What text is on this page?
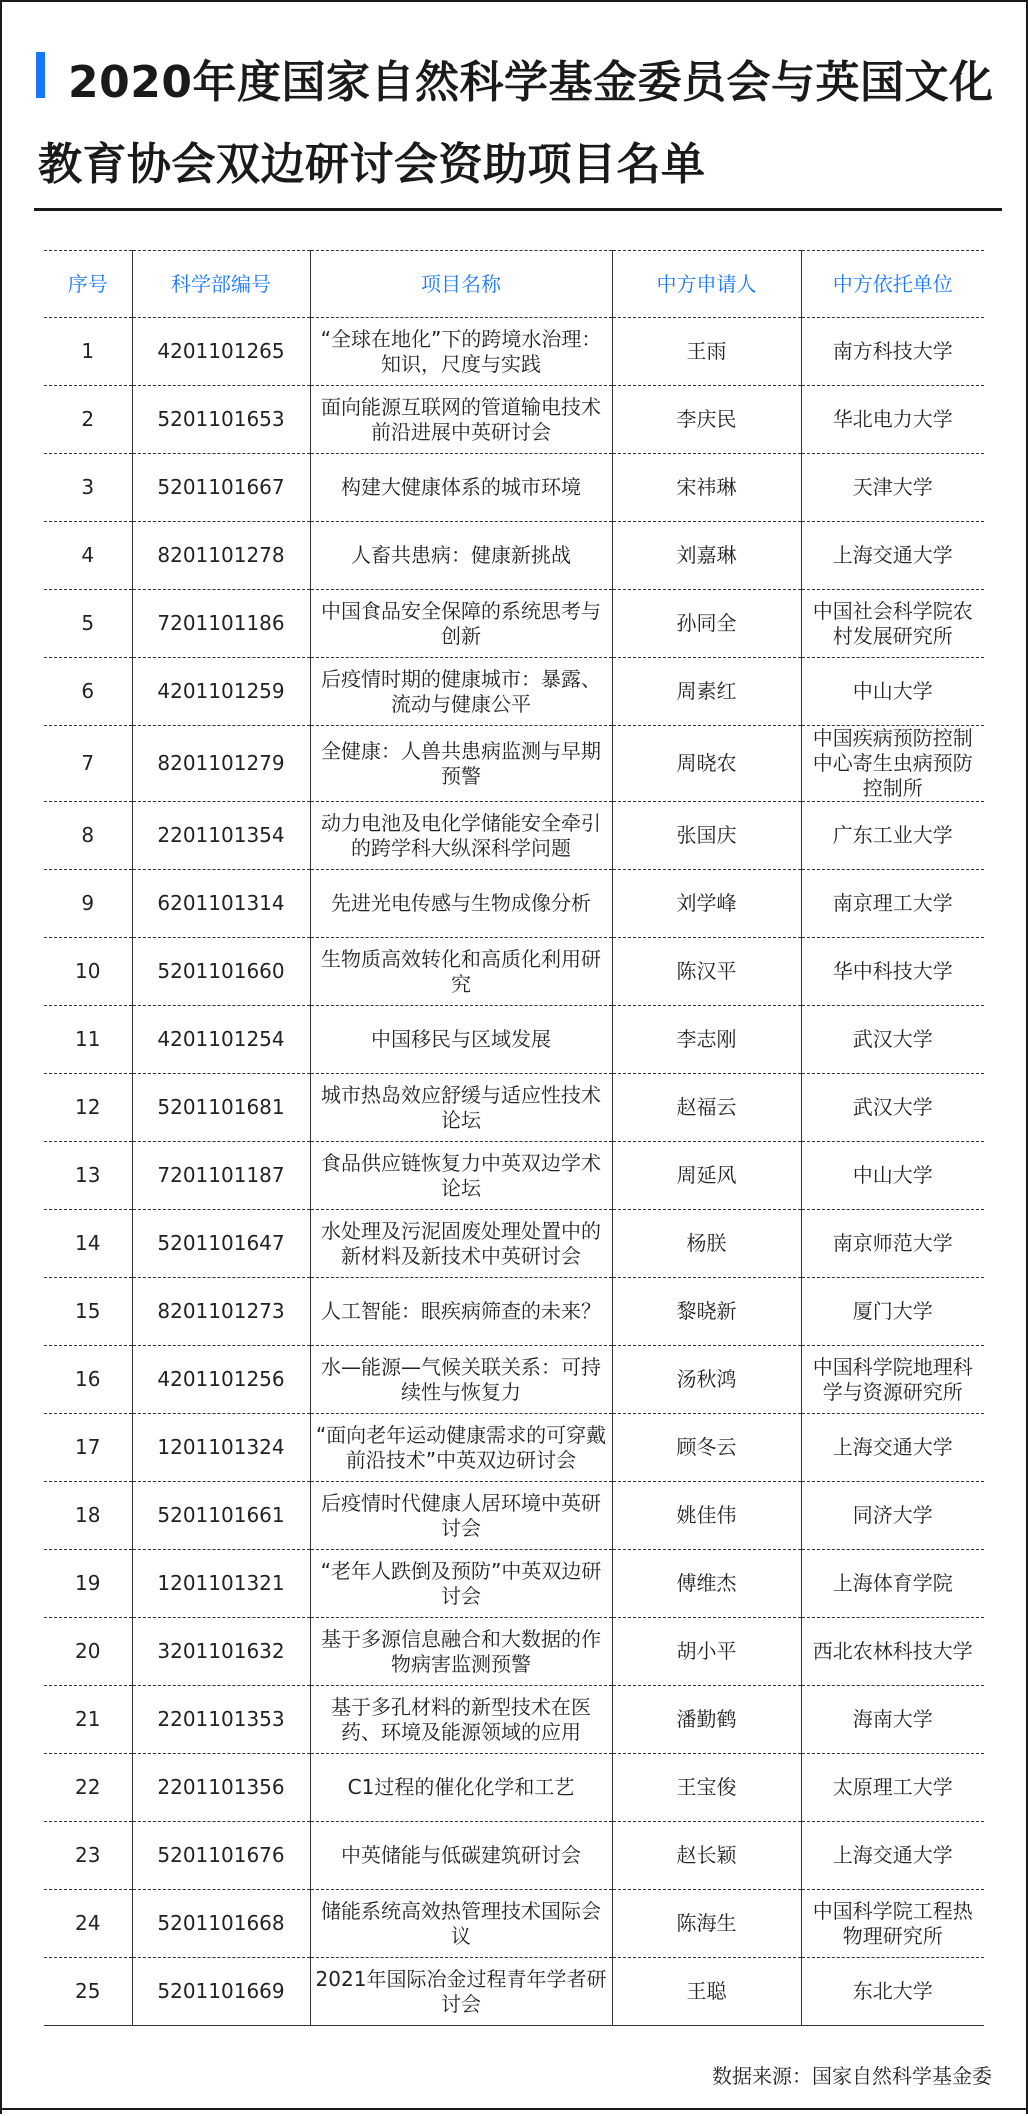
2020年度国家自然科学基金委员会与英国文化
教育协会双边研讨会资助项目名单
序号	科学部编号	项目名称	中方申请人	中方依托单位
1	4201101265	“全球在地化”下的跨境水治理：知识，尺度与实践	王雨	南方科技大学
2	5201101653	面向能源互联网的管道输电技术前沿进展中英研讨会	李庆民	华北电力大学
3	5201101667	构建大健康体系的城市环境	宋祎琳	天津大学
4	8201101278	人畜共患病：健康新挑战	刘嘉琳	上海交通大学
5	7201101186	中国食品安全保障的系统思考与创新	孙同全	中国社会科学院农村发展研究所
6	4201101259	后疫情时期的健康城市：暴露、流动与健康公平	周素红	中山大学
7	8201101279	全健康：人兽共患病监测与早期预警	周晓农	中国疾病预防控制中心寄生虫病预防控制所
8	2201101354	动力电池及电化学储能安全牵引的跨学科大纵深科学问题	张国庆	广东工业大学
9	6201101314	先进光电传感与生物成像分析	刘学峰	南京理工大学
10	5201101660	生物质高效转化和高质化利用研究	陈汉平	华中科技大学
11	4201101254	中国移民与区域发展	李志刚	武汉大学
12	5201101681	城市热岛效应舒缓与适应性技术论坛	赵福云	武汉大学
13	7201101187	食品供应链恢复力中英双边学术论坛	周延风	中山大学
14	5201101647	水处理及污泥固废处理处置中的新材料及新技术中英研讨会	杨朕	南京师范大学
15	8201101273	人工智能：眼疾病筛查的未来？	黎晓新	厦门大学
16	4201101256	水—能源—气候关联关系：可持续性与恢复力	汤秋鸿	中国科学院地理科学与资源研究所
17	1201101324	“面向老年运动健康需求的可穿戴前沿技术”中英双边研讨会	顾冬云	上海交通大学
18	5201101661	后疫情时代健康人居环境中英研讨会	姚佳伟	同济大学
19	1201101321	“老年人跌倒及预防”中英双边研讨会	傅维杰	上海体育学院
20	3201101632	基于多源信息融合和大数据的作物病害监测预警	胡小平	西北农林科技大学
21	2201101353	基于多孔材料的新型技术在医药、环境及能源领域的应用	潘勤鹤	海南大学
22	2201101356	C1过程的催化化学和工艺	王宝俊	太原理工大学
23	5201101676	中英储能与低碳建筑研讨会	赵长颖	上海交通大学
24	5201101668	储能系统高效热管理技术国际会议	陈海生	中国科学院工程热物理研究所
25	5201101669	2021年国际冶金过程青年学者研讨会	王聪	东北大学
数据来源：国家自然科学基金委
